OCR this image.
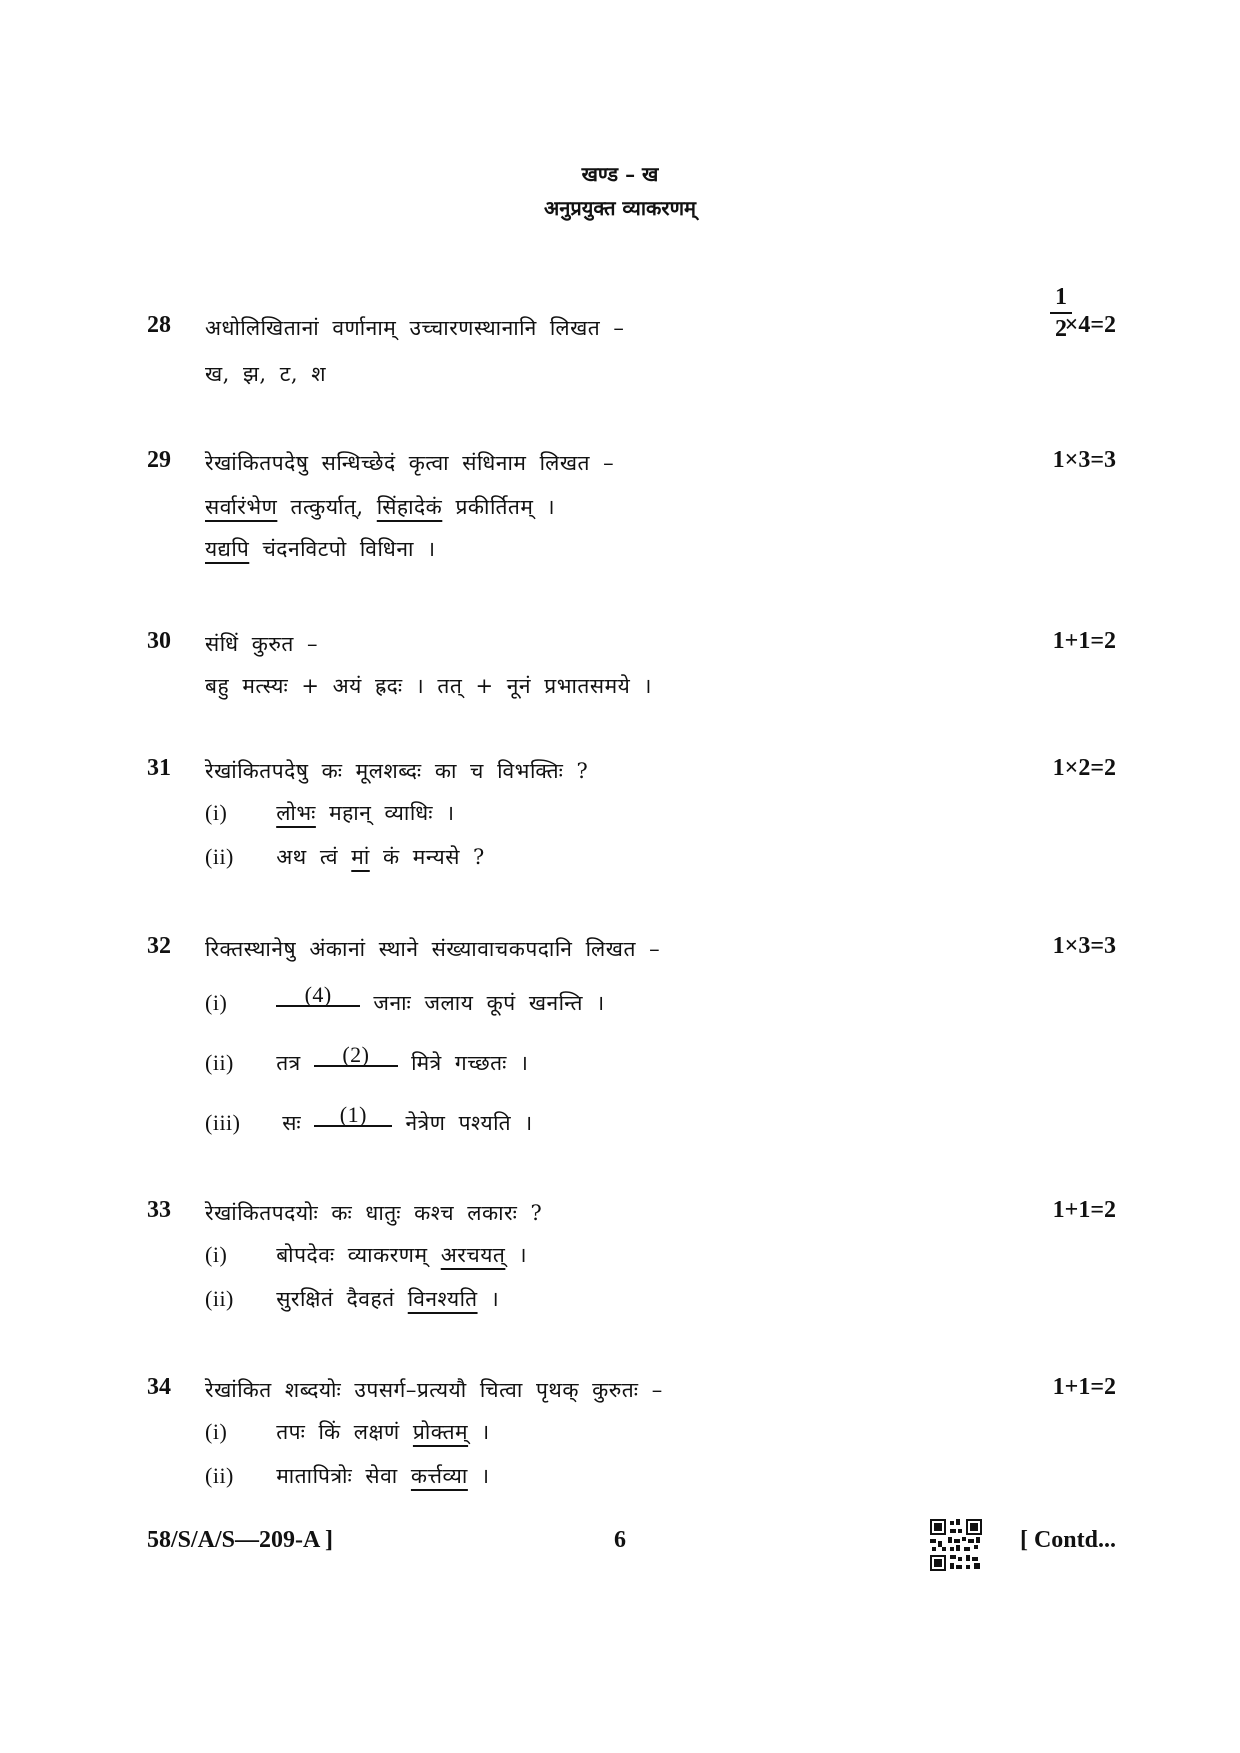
खण्ड – ख
अनुप्रयुक्त व्याकरणम्
28 अधोलिखितानां वर्णानाम् उच्चारणस्थानानि लिखत –	$\frac{1}{2}$
×4=2
ख, झ, ट, श
29 रेखांकितपदेषु सन्धिच्छेदं कृत्वा संधिनाम लिखत –	1×3=3
सर्वारंभेण तत्कुर्यात्, सिंहादेकं प्रकीर्तितम् ।
यद्यपि चंदनविटपो विधिना ।
30 संधिं कुरुत –	1+1=2
बहु मत्स्यः + अयं ह्रदः । तत् + नूनं प्रभातसमये ।
31 रेखांकितपदेषु कः मूलशब्दः का च विभक्तिः ?	1×2=2
(i) लोभः महान् व्याधिः ।
(ii) अथ त्वं मां कं मन्यसे ?
32 रिक्तस्थानेषु अंकानां स्थाने संख्यावाचकपदानि लिखत –	1×3=3
(i)	(4) जनाः जलाय कूपं खनन्ति ।
(ii) तत्र (2) मित्रे गच्छतः ।
(iii) सः (1) नेत्रेण पश्यति ।
33 रेखांकितपदयोः कः धातुः कश्च लकारः ?	1+1=2
(i) बोपदेवः व्याकरणम् अरचयत् ।
(ii) सुरक्षितं दैवहतं विनश्यति ।
34 रेखांकित शब्दयोः उपसर्ग–प्रत्ययौ चित्वा पृथक् कुरुतः –	1+1=2
(i) तपः किं लक्षणं प्रोक्तम् ।
(ii) मातापित्रोः सेवा कर्त्तव्या ।
58/S/A/S—209-A ]	6	[ Contd...
